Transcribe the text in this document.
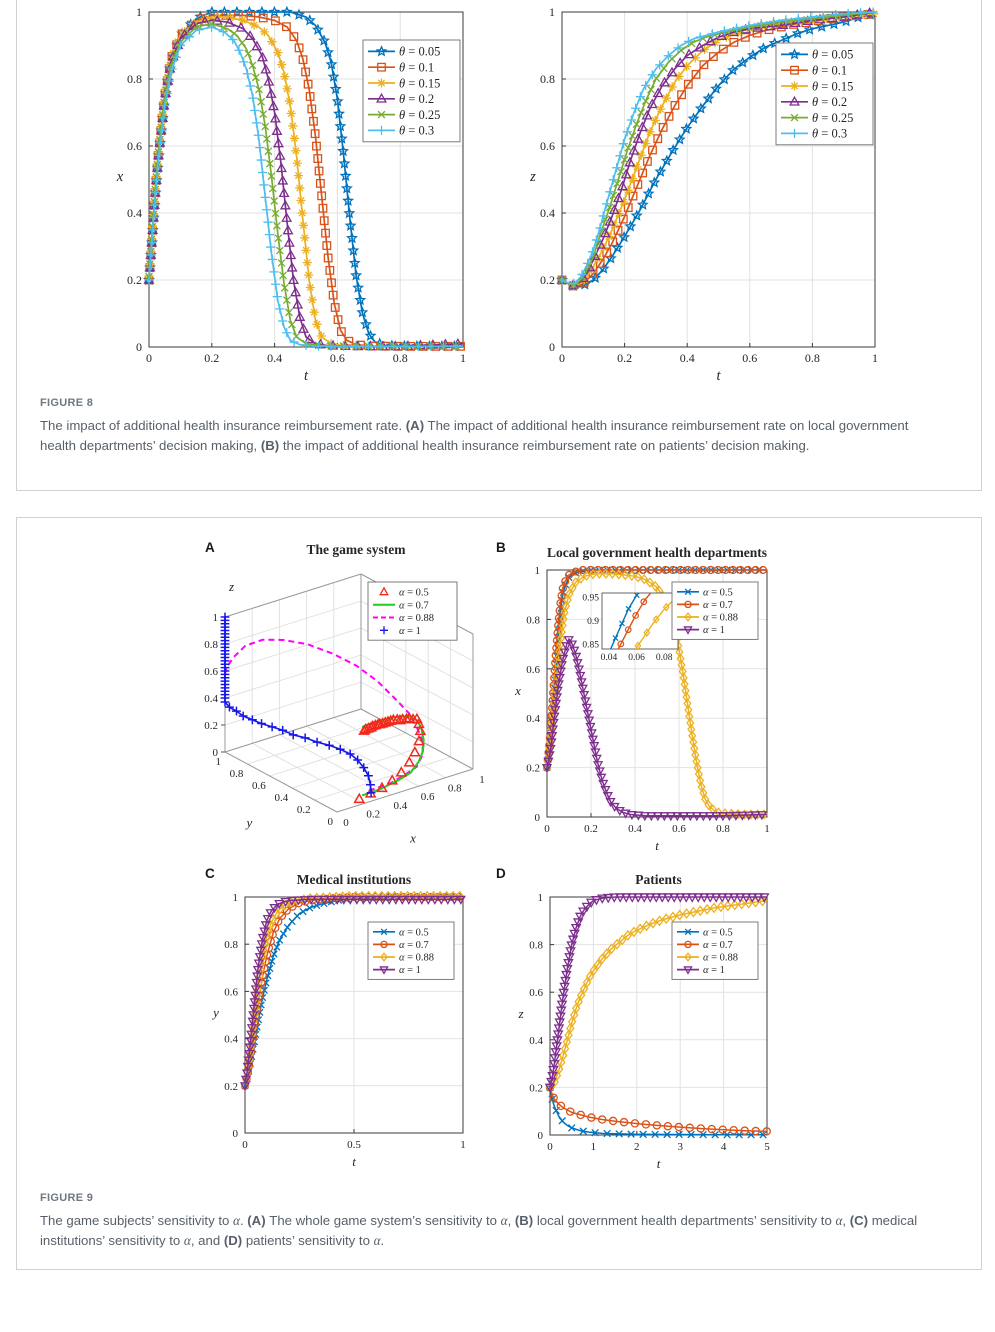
0	0.2	0.4	0.6	0.8	1
0
0.2
0.4
0.6
0.8
1
t
x
θ = 0.05
θ = 0.1
θ = 0.15
θ = 0.2
θ = 0.25
θ = 0.3
0	0.2	0.4	0.6	0.8	1
0
0.2
0.4
0.6
0.8
1
t
z
θ = 0.05
θ = 0.1
θ = 0.15
θ = 0.2
θ = 0.25
θ = 0.3
FIGURE 8
The impact of additional health insurance reimbursement rate. (A) The impact of additional health insurance reimbursement rate on local government health departments’ decision making, (B) the impact of additional health insurance reimbursement rate on patients’ decision making.
A	B
C	D
0
0.2
0.4
0.6
0.8
1
1
0.8
0.6
0.4
0.2
0 0
0.2
0.4
0.6
0.8
1
z
y
x
The game system
α = 0.5
α = 0.7
α = 0.88
α = 1
0	0.2	0.4	0.6	0.8	1
0
0.2
0.4
0.6
0.8
1
t
x
Local government health departments
0.85
0.9
0.95
0.04 0.06 0.08
α = 0.5
α = 0.7
α = 0.88
α = 1
0	0.5	1
0
0.2
0.4
0.6
0.8
1
t
y
Medical institutions
α = 0.5
α = 0.7
α = 0.88
α = 1
0	1	2	3	4	5
0
0.2
0.4
0.6
0.8
1
t
z
Patients
α = 0.5
α = 0.7
α = 0.88
α = 1
FIGURE 9
The game subjects’ sensitivity to α. (A) The whole game system’s sensitivity to α, (B) local government health departments’ sensitivity to α, (C) medical institutions’ sensitivity to α, and (D) patients’ sensitivity to α.
